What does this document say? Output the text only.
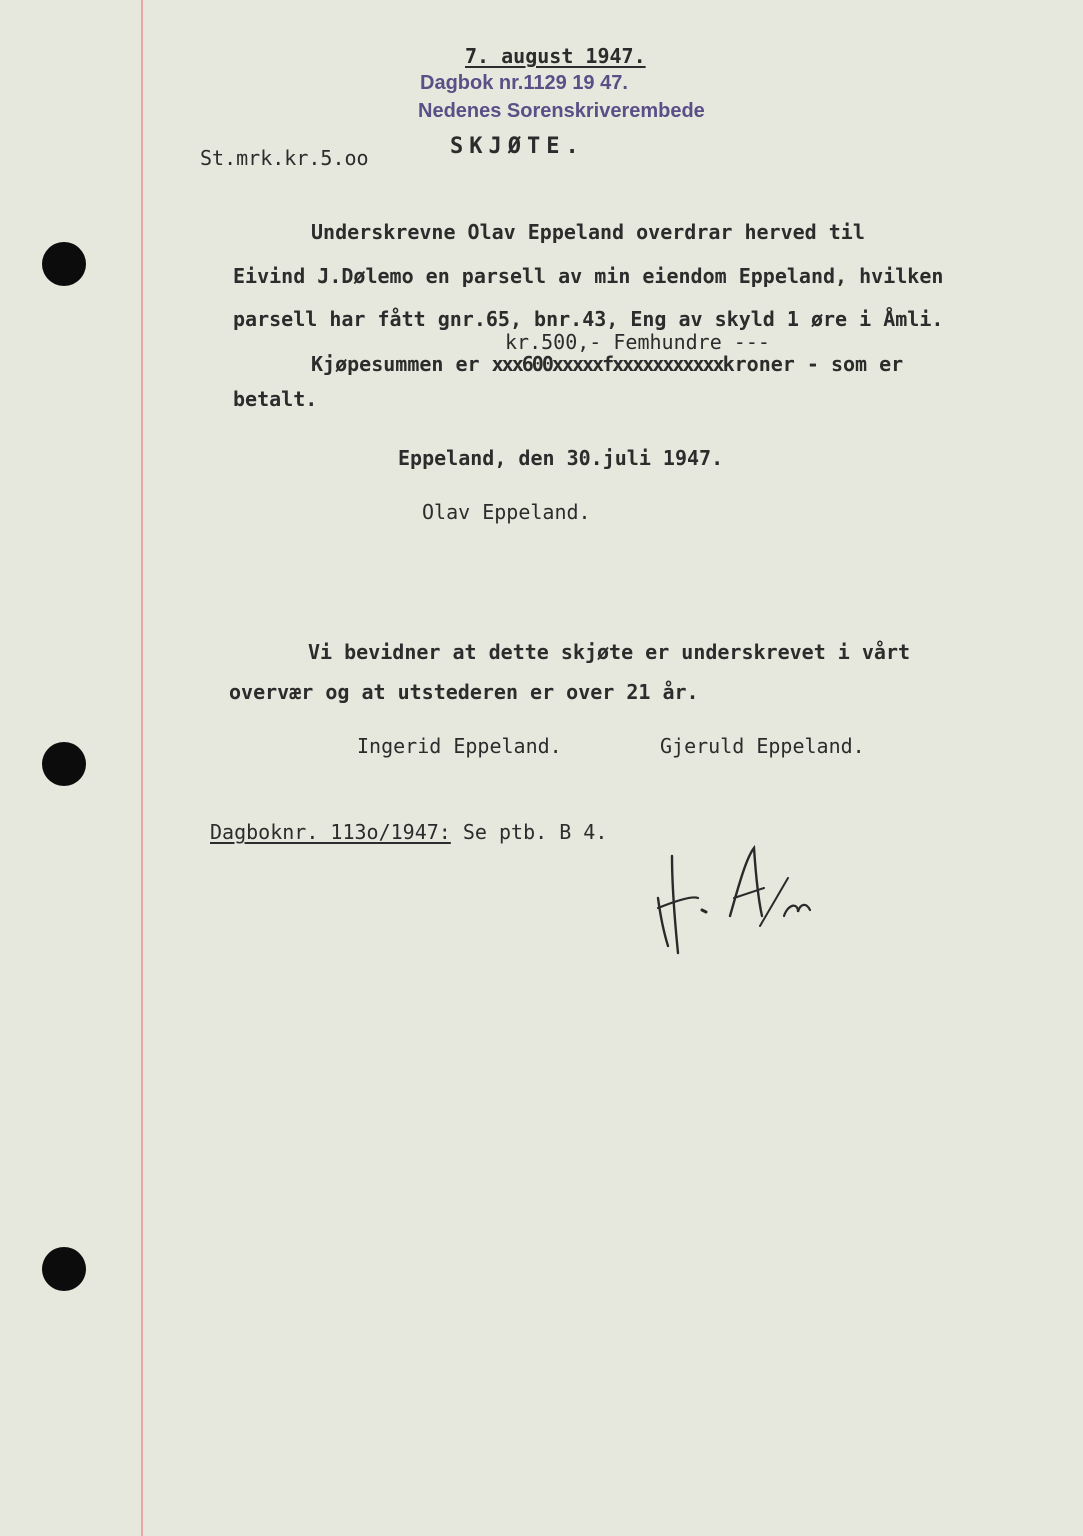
7. august 1947.
Dagbok nr.1129 19 47.
Nedenes Sorenskriverembede
St.mrk.kr.5.oo	SKJØTE.
Underskrevne Olav Eppeland overdrar herved til
Eivind J.Dølemo en parsell av min eiendom Eppeland, hvilken
parsell har fått gnr.65, bnr.43, Eng av skyld 1 øre i Åmli.
kr.500,- Femhundre ---
Kjøpesummen er xxx600xxxxxfxxxxxxxxxxxkroner - som er
betalt.
Eppeland, den 30.juli 1947.
Olav Eppeland.
Vi bevidner at dette skjøte er underskrevet i vårt
overvær og at utstederen er over 21 år.
Ingerid Eppeland.	Gjeruld Eppeland.
Dagboknr. 113o/1947: Se ptb. B 4.
